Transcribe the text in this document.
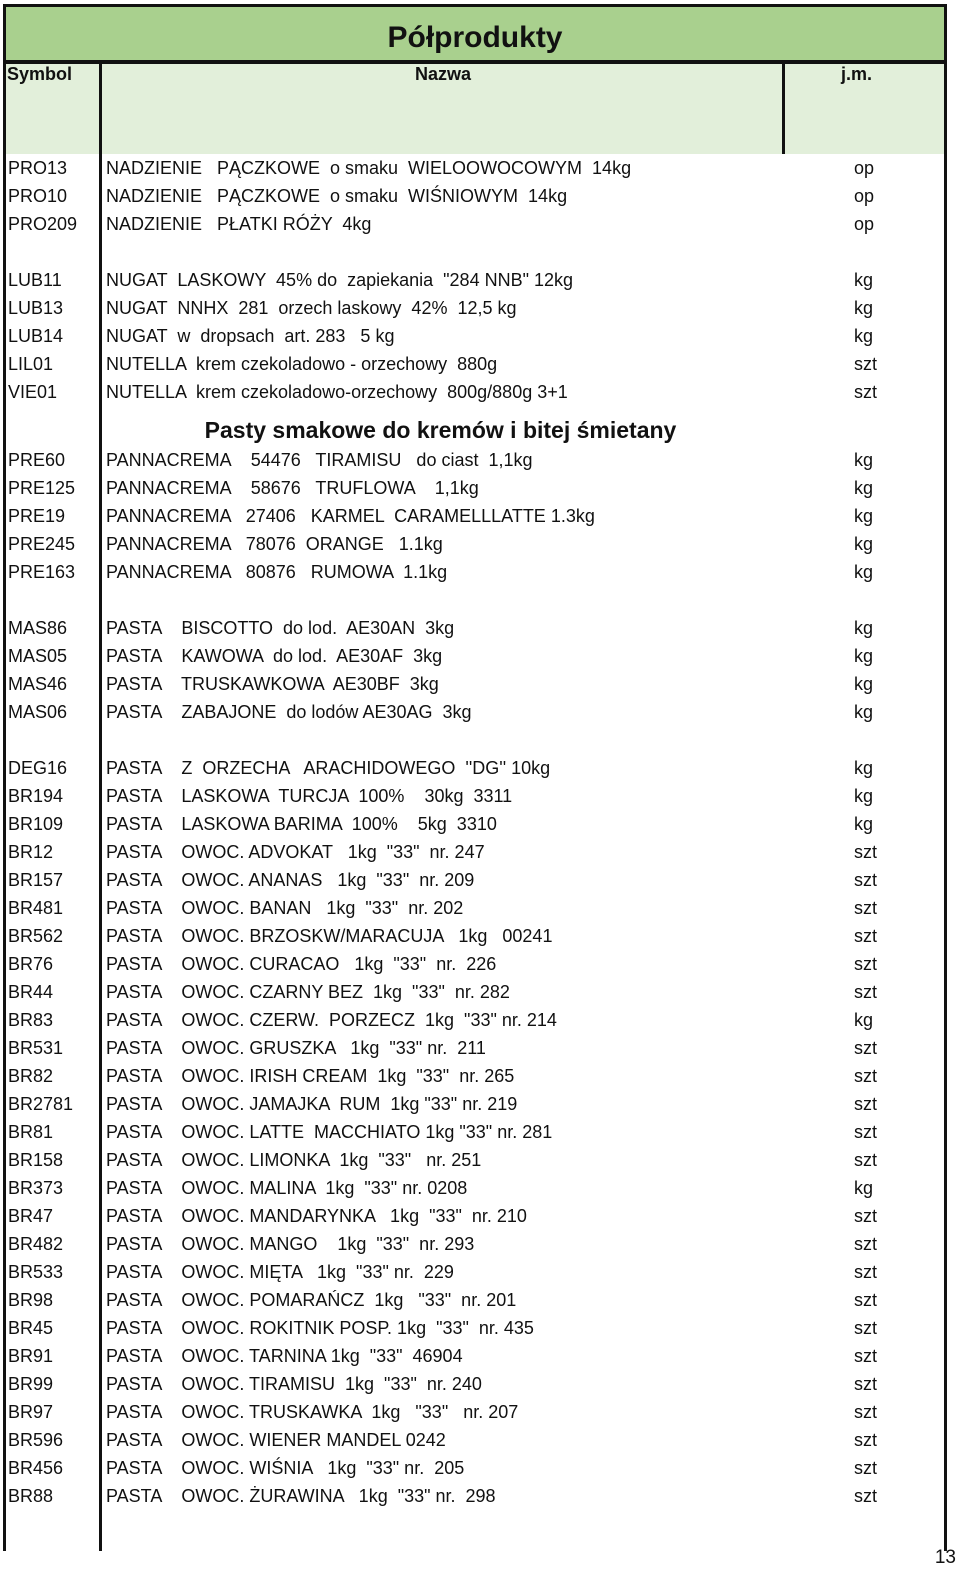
Półprodukty
Symbol	Nazwa	j.m.
PRO13 NADZIENIE   PĄCZKOWE  o smaku  WIELOOWOCOWYM  14kg	op
PRO10 NADZIENIE   PĄCZKOWE  o smaku  WIŚNIOWYM  14kg	op
PRO209 NADZIENIE   PŁATKI RÓŻY  4kg	op
LUB11 NUGAT  LASKOWY  45% do  zapiekania  "284 NNB" 12kg	kg
LUB13 NUGAT  NNHX  281  orzech laskowy  42%  12,5 kg	kg
LUB14 NUGAT  w  dropsach  art. 283   5 kg	kg
LIL01	NUTELLA  krem czekoladowo - orzechowy  880g	szt
VIE01	NUTELLA  krem czekoladowo-orzechowy  800g/880g 3+1	szt
Pasty smakowe do kremów i bitej śmietany
PRE60 PANNACREMA    54476   TIRAMISU   do ciast  1,1kg	kg
PRE125 PANNACREMA    58676   TRUFLOWA    1,1kg	kg
PRE19 PANNACREMA   27406   KARMEL  CARAMELLLATTE 1.3kg	kg
PRE245 PANNACREMA   78076  ORANGE   1.1kg	kg
PRE163 PANNACREMA   80876   RUMOWA  1.1kg	kg
MAS86 PASTA    BISCOTTO  do lod.  AE30AN  3kg	kg
MAS05 PASTA    KAWOWA  do lod.  AE30AF  3kg	kg
MAS46 PASTA    TRUSKAWKOWA  AE30BF  3kg	kg
MAS06 PASTA    ZABAJONE  do lodów AE30AG  3kg	kg
DEG16 PASTA    Z  ORZECHA   ARACHIDOWEGO  ''DG'' 10kg	kg
BR194 PASTA    LASKOWA  TURCJA  100%    30kg  3311	kg
BR109 PASTA    LASKOWA BARIMA  100%    5kg  3310	kg
BR12	PASTA    OWOC. ADVOKAT   1kg  "33"  nr. 247	szt
BR157 PASTA    OWOC. ANANAS   1kg  "33"  nr. 209	szt
BR481 PASTA    OWOC. BANAN   1kg  "33"  nr. 202	szt
BR562 PASTA    OWOC. BRZOSKW/MARACUJA   1kg   00241	szt
BR76	PASTA    OWOC. CURACAO   1kg  "33"  nr.  226	szt
BR44	PASTA    OWOC. CZARNY BEZ  1kg  "33"  nr. 282	szt
BR83	PASTA    OWOC. CZERW.  PORZECZ  1kg  "33" nr. 214	kg
BR531 PASTA    OWOC. GRUSZKA   1kg  "33" nr.  211	szt
BR82	PASTA    OWOC. IRISH CREAM  1kg  "33"  nr. 265	szt
BR2781 PASTA    OWOC. JAMAJKA  RUM  1kg "33" nr. 219	szt
BR81	PASTA    OWOC. LATTE  MACCHIATO 1kg "33" nr. 281	szt
BR158 PASTA    OWOC. LIMONKA  1kg  "33"   nr. 251	szt
BR373 PASTA    OWOC. MALINA  1kg  "33" nr. 0208	kg
BR47	PASTA    OWOC. MANDARYNKA   1kg  "33"  nr. 210	szt
BR482 PASTA    OWOC. MANGO    1kg  "33"  nr. 293	szt
BR533 PASTA    OWOC. MIĘTA   1kg  "33" nr.  229	szt
BR98	PASTA    OWOC. POMARAŃCZ  1kg   "33"  nr. 201	szt
BR45	PASTA    OWOC. ROKITNIK POSP. 1kg  "33"  nr. 435	szt
BR91	PASTA    OWOC. TARNINA 1kg  "33"  46904	szt
BR99	PASTA    OWOC. TIRAMISU  1kg  "33"  nr. 240	szt
BR97	PASTA    OWOC. TRUSKAWKA  1kg   "33"   nr. 207	szt
BR596 PASTA    OWOC. WIENER MANDEL 0242	szt
BR456 PASTA    OWOC. WIŚNIA   1kg  "33" nr.  205	szt
BR88	PASTA    OWOC. ŻURAWINA   1kg  "33" nr.  298	szt
13
